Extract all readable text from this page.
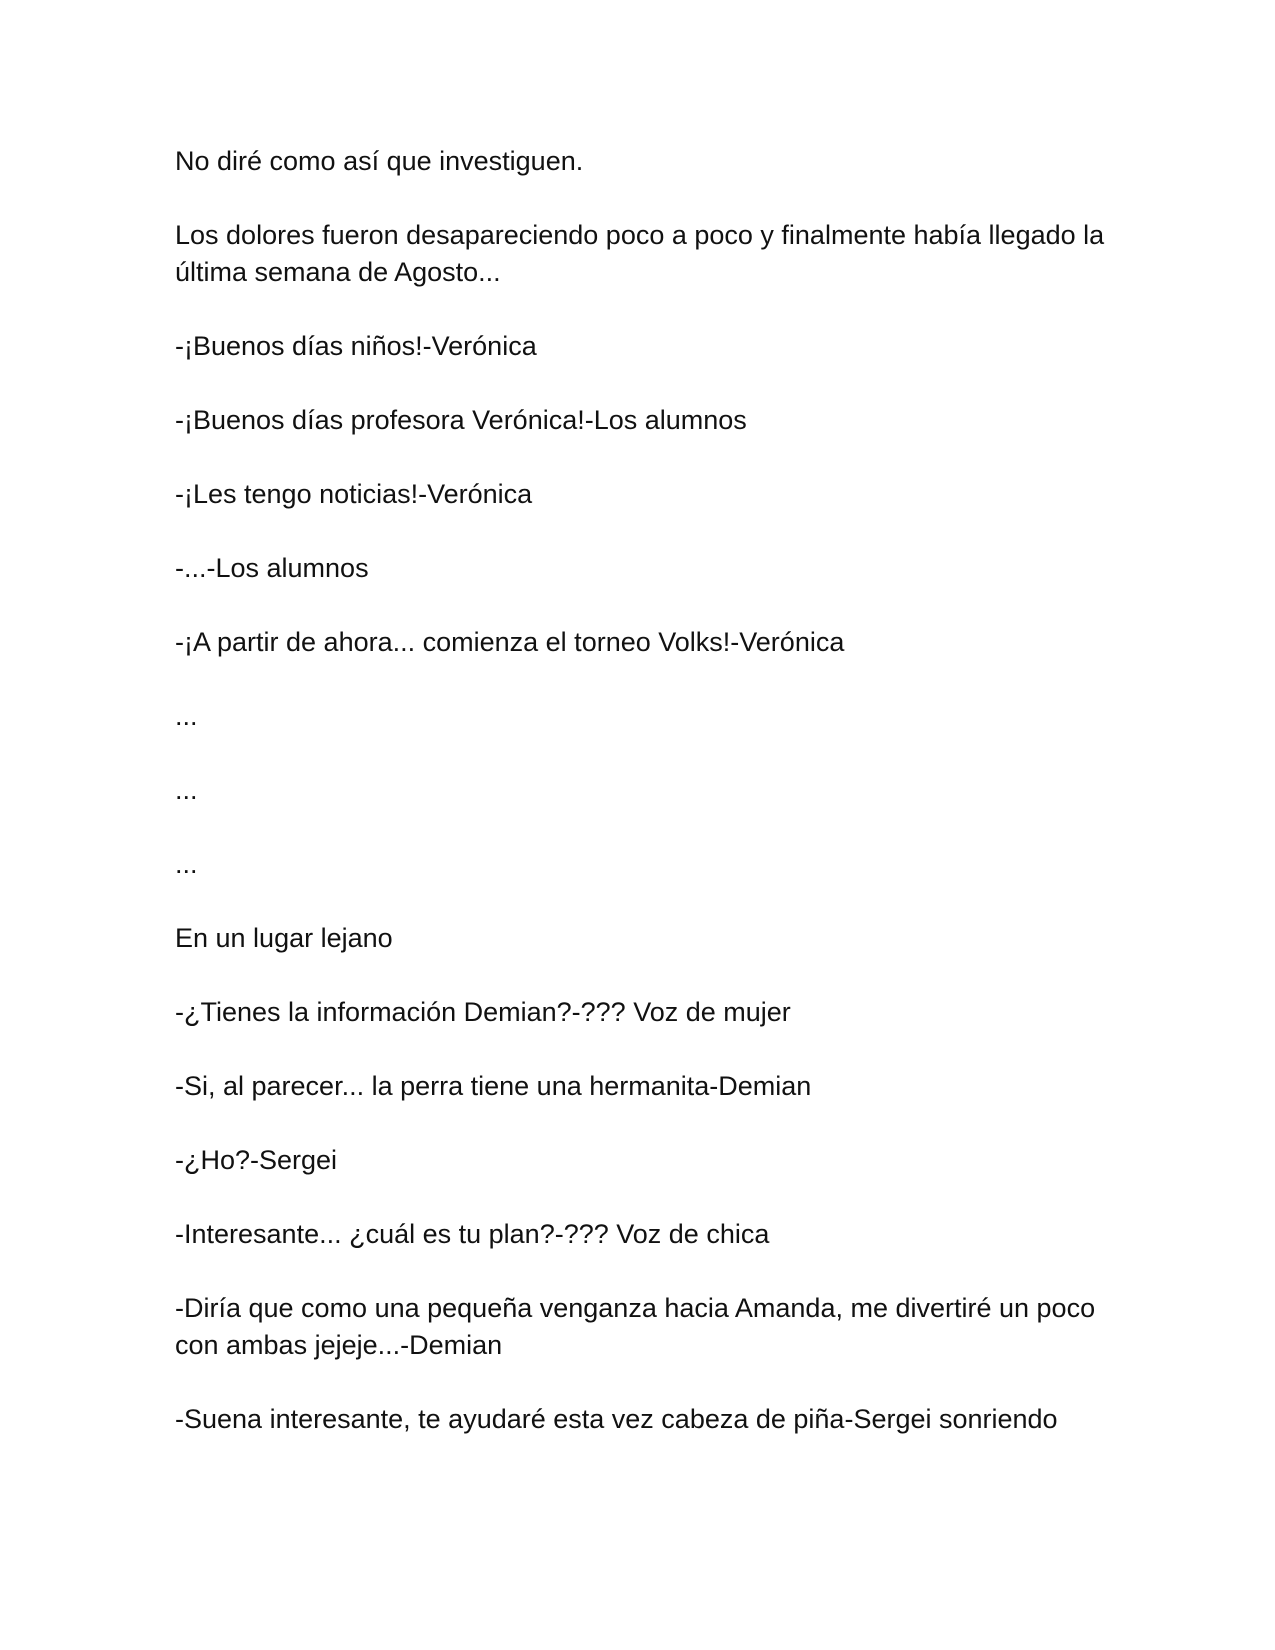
No diré como así que investiguen.

Los dolores fueron desapareciendo poco a poco y finalmente había llegado la última semana de Agosto...

-¡Buenos días niños!-Verónica

-¡Buenos días profesora Verónica!-Los alumnos

-¡Les tengo noticias!-Verónica

-...-Los alumnos

-¡A partir de ahora... comienza el torneo Volks!-Verónica

...

...

...

En un lugar lejano

-¿Tienes la información Demian?-??? Voz de mujer

-Si, al parecer... la perra tiene una hermanita-Demian

-¿Ho?-Sergei

-Interesante... ¿cuál es tu plan?-??? Voz de chica

-Diría que como una pequeña venganza hacia Amanda, me divertiré un poco con ambas jejeje...-Demian

-Suena interesante, te ayudaré esta vez cabeza de piña-Sergei sonriendo
